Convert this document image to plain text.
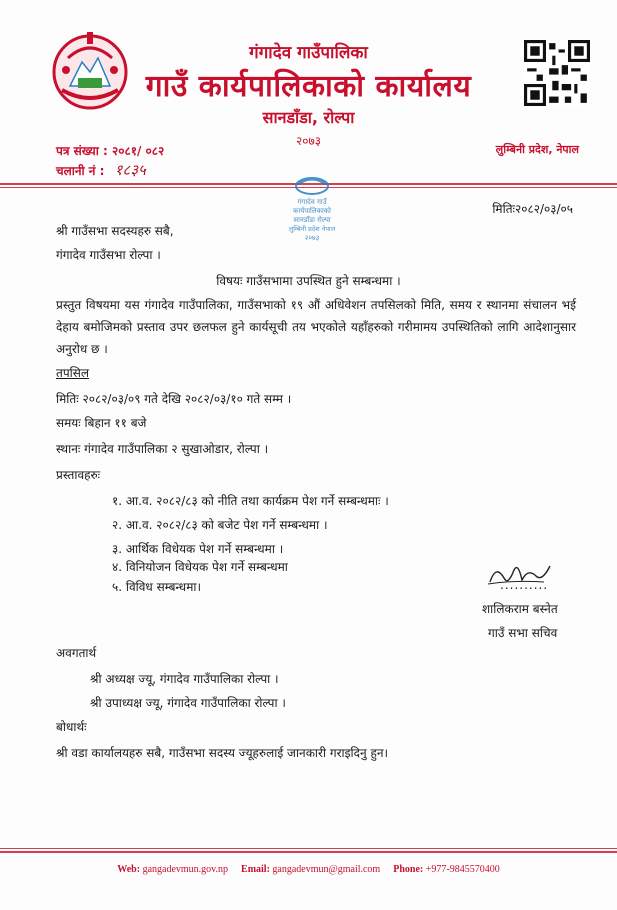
गंगादेव गाउँपालिका
गाउँ कार्यपालिकाको कार्यालय
सानडाँडा, रोल्पा
२०७३
पत्र संख्या : २०८१/ ०८२
चलानी नं : १८३५
लुम्बिनी प्रदेश, नेपाल
गंगादेव गाउँ
कार्यपालिकाको
सानडाँडा रोल्पा
लुम्बिनी प्रदेश नेपाल
२०७३
मितिः२०८२/०३/०५
श्री गाउँसभा सदस्यहरु सबै,
गंगादेव गाउँसभा रोल्पा ।
विषयः गाउँसभामा उपस्थित हुने सम्बन्धमा ।
प्रस्तुत विषयमा यस गंगादेव गाउँपालिका, गाउँसभाको १९ औं अधिवेशन तपसिलको मिति, समय र स्थानमा संचालन भई देहाय बमोजिमको प्रस्ताव उपर छलफल हुने कार्यसूची तय भएकोले यहाँहरुको गरीमामय उपस्थितिको लागि आदेशानुसार अनुरोध छ ।
तपसिल
मितिः २०८२/०३/०९ गते देखि २०८२/०३/१० गते सम्म ।
समयः बिहान ११ बजे
स्थानः गंगादेव गाउँपालिका २ सुखाओडार, रोल्पा ।
प्रस्तावहरुः
१. आ.व. २०८२/८३ को नीति तथा कार्यक्रम पेश गर्ने सम्बन्धमाः ।
२. आ.व. २०८२/८३ को बजेट पेश गर्ने सम्बन्धमा ।
३. आर्थिक विधेयक पेश गर्ने सम्बन्धमा ।
४. विनियोजन विधेयक पेश गर्ने सम्बन्धमा
५. विविध सम्बन्धमा।	..........
शालिकराम बस्नेत
गाउँ सभा सचिव
अवगतार्थ
श्री अध्यक्ष ज्यू, गंगादेव गाउँपालिका रोल्पा ।
श्री उपाध्यक्ष ज्यू, गंगादेव गाउँपालिका रोल्पा ।
बोधार्थः
श्री वडा कार्यालयहरु सबै, गाउँसभा सदस्य ज्यूहरुलाई जानकारी गराइदिनु हुन।
Web: gangadevmun.gov.np Email: gangadevmun@gmail.com Phone: +977-9845570400
